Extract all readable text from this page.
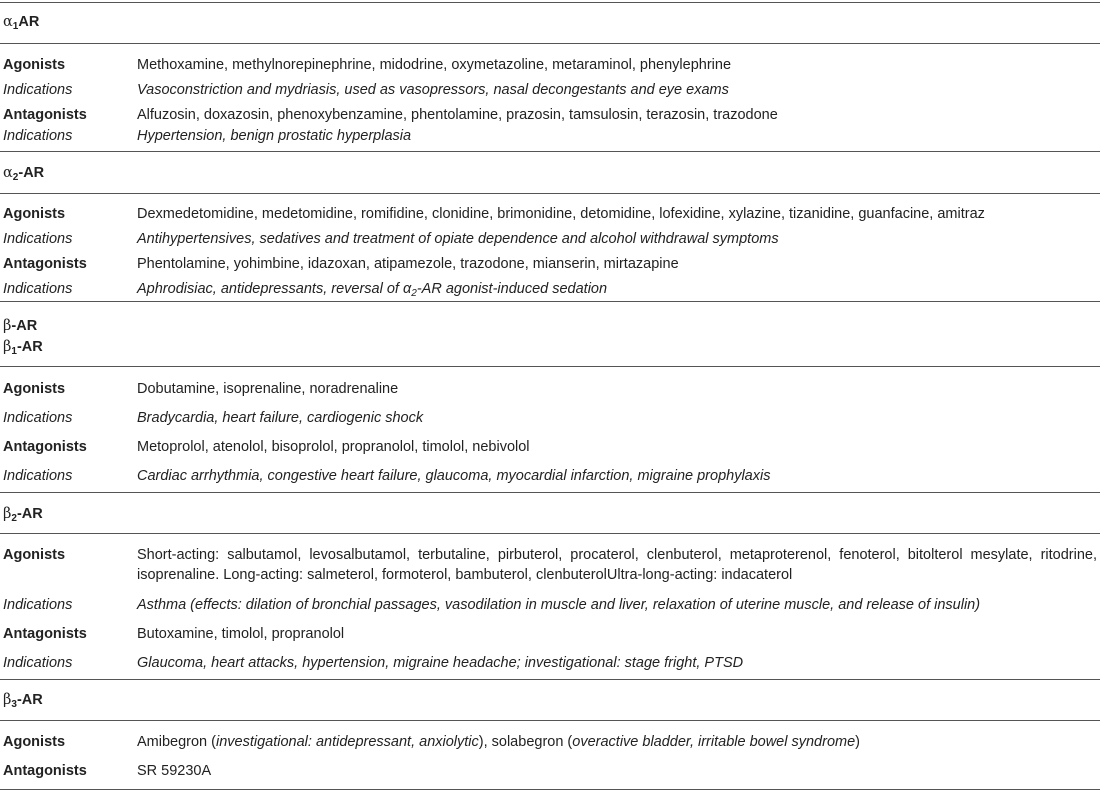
$\alpha_1AR$
Agonists	Methoxamine, methylnorepinephrine, midodrine, oxymetazoline, metaraminol, phenylephrine
Indications	Vasoconstriction and mydriasis, used as vasopressors, nasal decongestants and eye exams
Antagonists	Alfuzosin, doxazosin, phenoxybenzamine, phentolamine, prazosin, tamsulosin, terazosin, trazodone
Indications	Hypertension, benign prostatic hyperplasia
$\alpha_2-AR$
Agonists	Dexmedetomidine, medetomidine, romifidine, clonidine, brimonidine, detomidine, lofexidine, xylazine, tizanidine, guanfacine, amitraz
Indications	Antihypertensives, sedatives and treatment of opiate dependence and alcohol withdrawal symptoms
Antagonists	Phentolamine, yohimbine, idazoxan, atipamezole, trazodone, mianserin, mirtazapine
Indications	Aphrodisiac, antidepressants, reversal of $\alpha_2-AR$ agonist-induced sedation
β-AR
$\beta_1-AR$
Agonists	Dobutamine, isoprenaline, noradrenaline
Indications	Bradycardia, heart failure, cardiogenic shock
Antagonists	Metoprolol, atenolol, bisoprolol, propranolol, timolol, nebivolol
Indications	Cardiac arrhythmia, congestive heart failure, glaucoma, myocardial infarction, migraine prophylaxis
$\beta_2-AR$
Agonists	Short-acting: salbutamol, levosalbutamol, terbutaline, pirbuterol, procaterol, clenbuterol, metaproterenol, fenoterol, bitolterol mesylate, ritodrine,
isoprenaline. Long-acting: salmeterol, formoterol, bambuterol, clenbuterolUltra-long-acting: indacaterol
Indications	Asthma (effects: dilation of bronchial passages, vasodilation in muscle and liver, relaxation of uterine muscle, and release of insulin)
Antagonists	Butoxamine, timolol, propranolol
Indications	Glaucoma, heart attacks, hypertension, migraine headache; investigational: stage fright, PTSD
$\beta_3-AR$
Agonists	Amibegron (investigational: antidepressant, anxiolytic), solabegron (overactive bladder, irritable bowel syndrome)
Antagonists	SR 59230A
